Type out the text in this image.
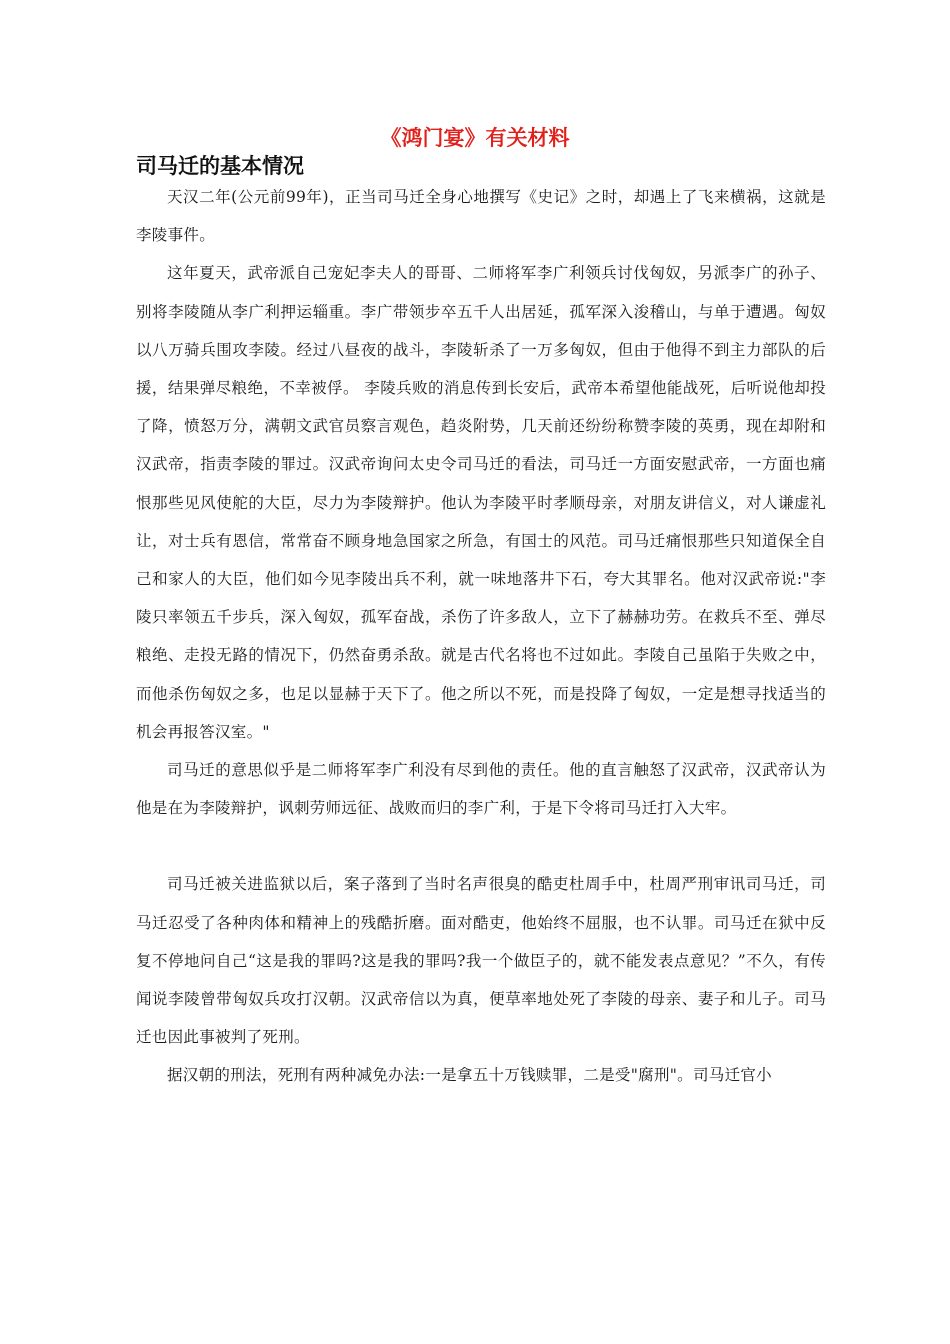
《鸿门宴》有关材料
司马迁的基本情况

天汉二年(公元前99年)，正当司马迁全身心地撰写《史记》之时，却遇上了飞来横祸，这就是李陵事件。

这年夏天，武帝派自己宠妃李夫人的哥哥、二师将军李广利领兵讨伐匈奴，另派李广的孙子、别将李陵随从李广利押运辎重。李广带领步卒五千人出居延，孤军深入浚稽山，与单于遭遇。匈奴以八万骑兵围攻李陵。经过八昼夜的战斗，李陵斩杀了一万多匈奴，但由于他得不到主力部队的后援，结果弹尽粮绝，不幸被俘。 李陵兵败的消息传到长安后，武帝本希望他能战死，后听说他却投了降，愤怒万分，满朝文武官员察言观色，趋炎附势，几天前还纷纷称赞李陵的英勇，现在却附和汉武帝，指责李陵的罪过。汉武帝询问太史令司马迁的看法，司马迁一方面安慰武帝，一方面也痛恨那些见风使舵的大臣，尽力为李陵辩护。他认为李陵平时孝顺母亲，对朋友讲信义，对人谦虚礼让，对士兵有恩信，常常奋不顾身地急国家之所急，有国士的风范。司马迁痛恨那些只知道保全自己和家人的大臣，他们如今见李陵出兵不利，就一味地落井下石，夸大其罪名。他对汉武帝说:"李陵只率领五千步兵，深入匈奴，孤军奋战，杀伤了许多敌人，立下了赫赫功劳。在救兵不至、弹尽粮绝、走投无路的情况下，仍然奋勇杀敌。就是古代名将也不过如此。李陵自己虽陷于失败之中，而他杀伤匈奴之多，也足以显赫于天下了。他之所以不死，而是投降了匈奴，一定是想寻找适当的机会再报答汉室。"

司马迁的意思似乎是二师将军李广利没有尽到他的责任。他的直言触怒了汉武帝，汉武帝认为他是在为李陵辩护，讽刺劳师远征、战败而归的李广利，于是下令将司马迁打入大牢。

司马迁被关进监狱以后，案子落到了当时名声很臭的酷吏杜周手中，杜周严刑审讯司马迁，司马迁忍受了各种肉体和精神上的残酷折磨。面对酷吏，他始终不屈服，也不认罪。司马迁在狱中反复不停地问自己“这是我的罪吗?这是我的罪吗?我一个做臣子的，就不能发表点意见？”不久，有传闻说李陵曾带匈奴兵攻打汉朝。汉武帝信以为真，便草率地处死了李陵的母亲、妻子和儿子。司马迁也因此事被判了死刑。

据汉朝的刑法，死刑有两种减免办法:一是拿五十万钱赎罪，二是受"腐刑"。司马迁官小
